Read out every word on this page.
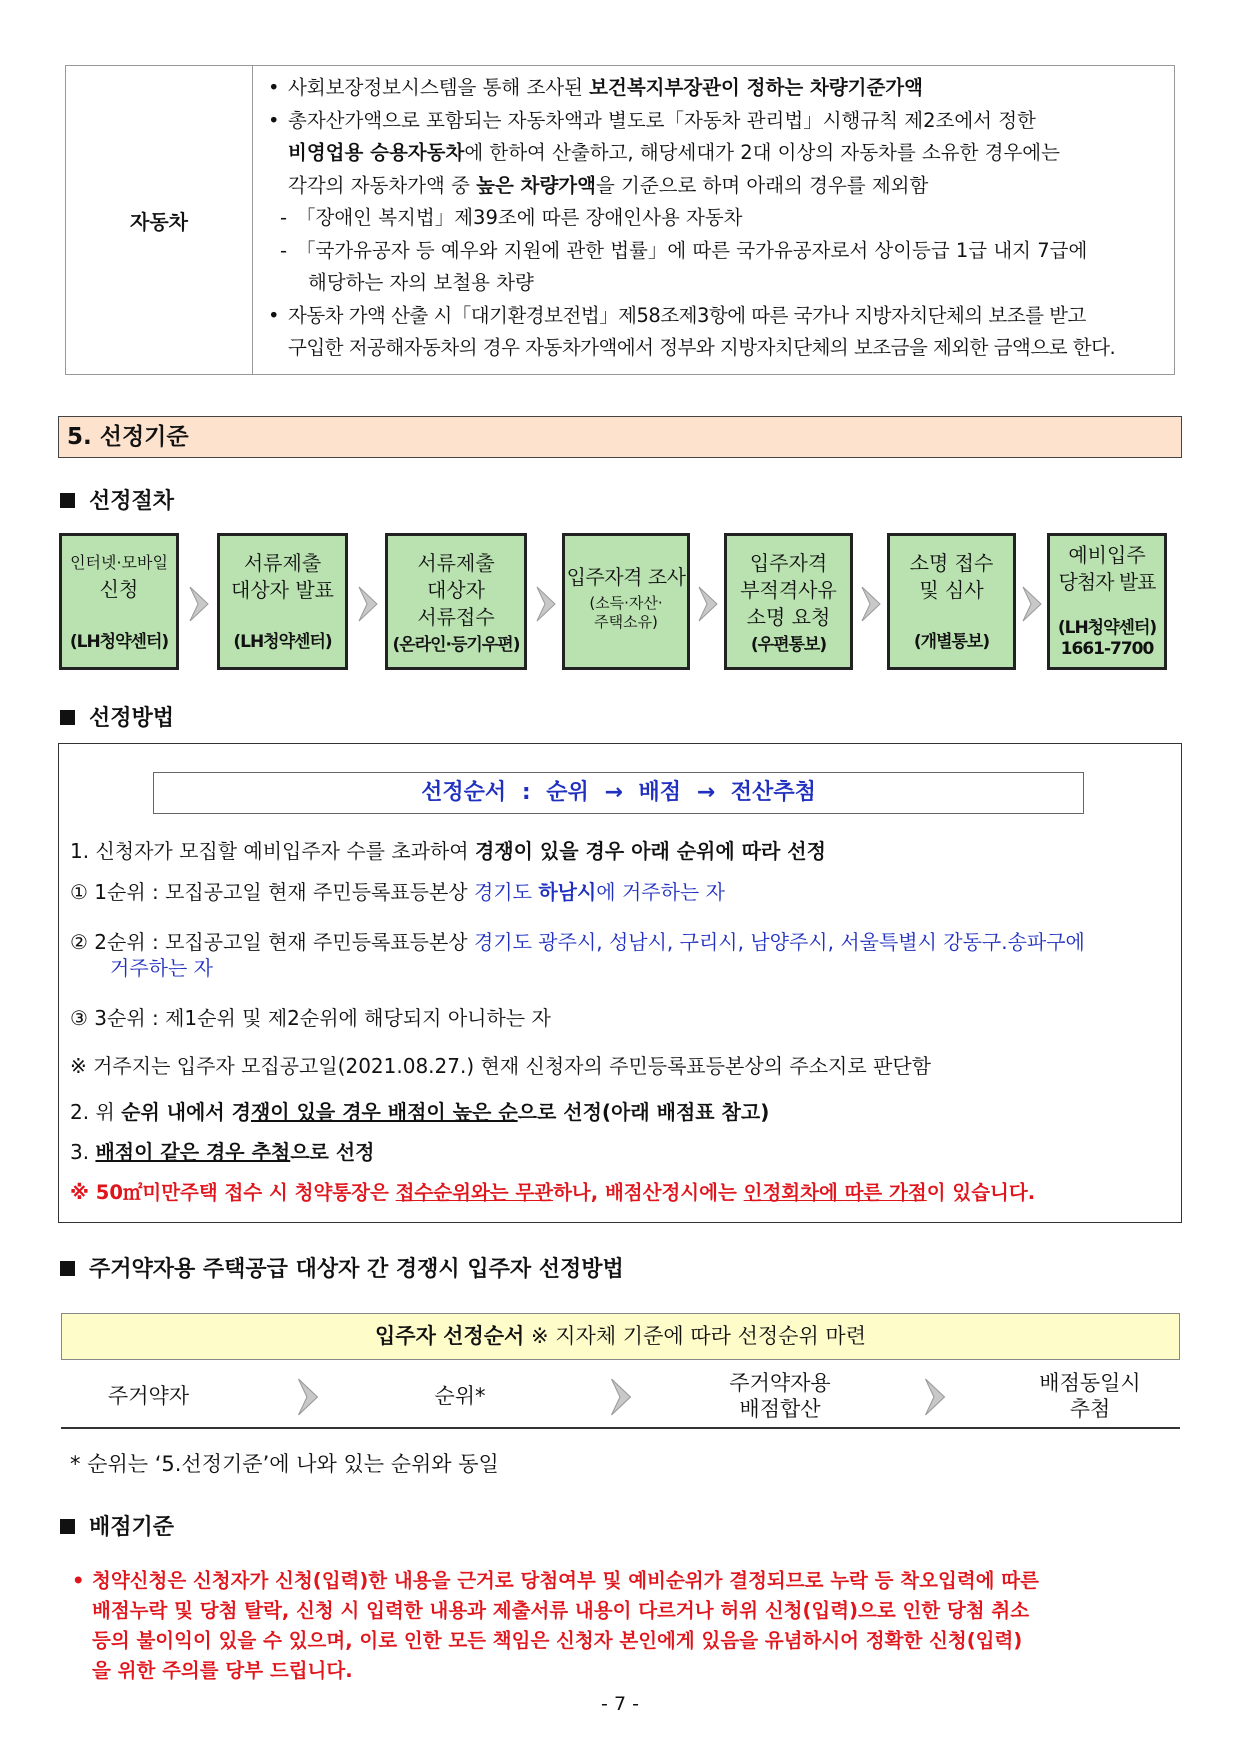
자동차
• 사회보장정보시스템을 통해 조사된 보건복지부장관이 정하는 차량기준가액
• 총자산가액으로 포함되는 자동차액과 별도로「자동차 관리법」시행규칙 제2조에서 정한
비영업용 승용자동차에 한하여 산출하고, 해당세대가 2대 이상의 자동차를 소유한 경우에는
각각의 자동차가액 중 높은 차량가액을 기준으로 하며 아래의 경우를 제외함
- 「장애인 복지법」제39조에 따른 장애인사용 자동차
- 「국가유공자 등 예우와 지원에 관한 법률」에 따른 국가유공자로서 상이등급 1급 내지 7급에
해당하는 자의 보철용 차량
• 자동차 가액 산출 시「대기환경보전법」제58조제3항에 따른 국가나 지방자치단체의 보조를 받고
구입한 저공해자동차의 경우 자동차가액에서 정부와 지방자치단체의 보조금을 제외한 금액으로 한다.
5. 선정기준
선정절차
인터넷·모바일
신청
(LH청약센터)
서류제출
대상자 발표
(LH청약센터)
서류제출
대상자
서류접수
(온라인·등기우편)
입주자격 조사
(소득·자산·
주택소유)
입주자격
부적격사유
소명 요청
(우편통보)
소명 접수
및 심사
(개별통보)
예비입주
당첨자 발표
(LH청약센터)
1661-7700
선정방법
선정순서 : 순위 → 배점 → 전산추첨
1. 신청자가 모집할 예비입주자 수를 초과하여 경쟁이 있을 경우 아래 순위에 따라 선정
① 1순위 : 모집공고일 현재 주민등록표등본상 경기도 하남시에 거주하는 자
② 2순위 : 모집공고일 현재 주민등록표등본상 경기도 광주시, 성남시, 구리시, 남양주시, 서울특별시 강동구.송파구에
거주하는 자
③ 3순위 : 제1순위 및 제2순위에 해당되지 아니하는 자
※ 거주지는 입주자 모집공고일(2021.08.27.) 현재 신청자의 주민등록표등본상의 주소지로 판단함
2. 위 순위 내에서 경쟁이 있을 경우 배점이 높은 순으로 선정(아래 배점표 참고)
3. 배점이 같은 경우 추첨으로 선정
※ 50㎡미만주택 접수 시 청약통장은 접수순위와는 무관하나, 배점산정시에는 인정회차에 따른 가점이 있습니다.
주거약자용 주택공급 대상자 간 경쟁시 입주자 선정방법
입주자 선정순서 ※ 지자체 기준에 따라 선정순위 마련
주거약자	순위*
주거약자용
배점합산
배점동일시
추첨
* 순위는 ‘5.선정기준’에 나와 있는 순위와 동일
배점기준
• 청약신청은 신청자가 신청(입력)한 내용을 근거로 당첨여부 및 예비순위가 결정되므로 누락 등 착오입력에 따른
배점누락 및 당첨 탈락, 신청 시 입력한 내용과 제출서류 내용이 다르거나 허위 신청(입력)으로 인한 당첨 취소
등의 불이익이 있을 수 있으며, 이로 인한 모든 책임은 신청자 본인에게 있음을 유념하시어 정확한 신청(입력)
을 위한 주의를 당부 드립니다.
- 7 -
